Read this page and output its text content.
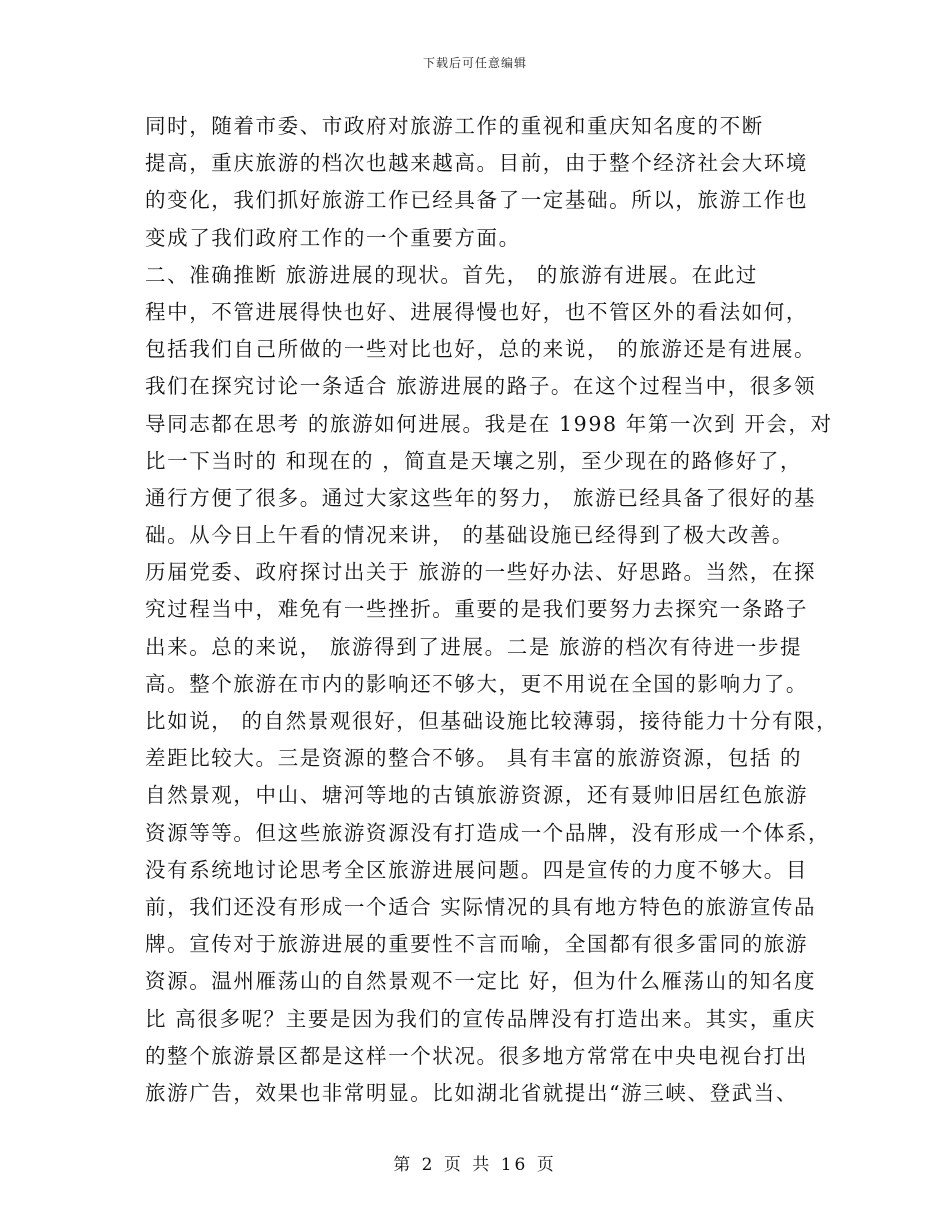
下载后可任意编辑
同时，随着市委、市政府对旅游工作的重视和重庆知名度的不断
提高，重庆旅游的档次也越来越高。目前，由于整个经济社会大环境
的变化，我们抓好旅游工作已经具备了一定基础。所以，旅游工作也
变成了我们政府工作的一个重要方面。
二、准确推断 旅游进展的现状。首先， 的旅游有进展。在此过
程中，不管进展得快也好、进展得慢也好，也不管区外的看法如何，
包括我们自己所做的一些对比也好，总的来说， 的旅游还是有进展。
我们在探究讨论一条适合 旅游进展的路子。在这个过程当中，很多领
导同志都在思考 的旅游如何进展。我是在 1998 年第一次到 开会，对
比一下当时的 和现在的 ，简直是天壤之别，至少现在的路修好了，
通行方便了很多。通过大家这些年的努力， 旅游已经具备了很好的基
础。从今日上午看的情况来讲， 的基础设施已经得到了极大改善。
历届党委、政府探讨出关于 旅游的一些好办法、好思路。当然，在探
究过程当中，难免有一些挫折。重要的是我们要努力去探究一条路子
出来。总的来说， 旅游得到了进展。二是 旅游的档次有待进一步提
高。整个旅游在市内的影响还不够大，更不用说在全国的影响力了。
比如说， 的自然景观很好，但基础设施比较薄弱，接待能力十分有限，
差距比较大。三是资源的整合不够。 具有丰富的旅游资源，包括 的
自然景观，中山、塘河等地的古镇旅游资源，还有聂帅旧居红色旅游
资源等等。但这些旅游资源没有打造成一个品牌，没有形成一个体系，
没有系统地讨论思考全区旅游进展问题。四是宣传的力度不够大。目
前，我们还没有形成一个适合 实际情况的具有地方特色的旅游宣传品
牌。宣传对于旅游进展的重要性不言而喻，全国都有很多雷同的旅游
资源。温州雁荡山的自然景观不一定比 好，但为什么雁荡山的知名度
比 高很多呢？主要是因为我们的宣传品牌没有打造出来。其实，重庆
的整个旅游景区都是这样一个状况。很多地方常常在中央电视台打出
旅游广告，效果也非常明显。比如湖北省就提出“游三峡、登武当、
第 2 页 共 16 页
